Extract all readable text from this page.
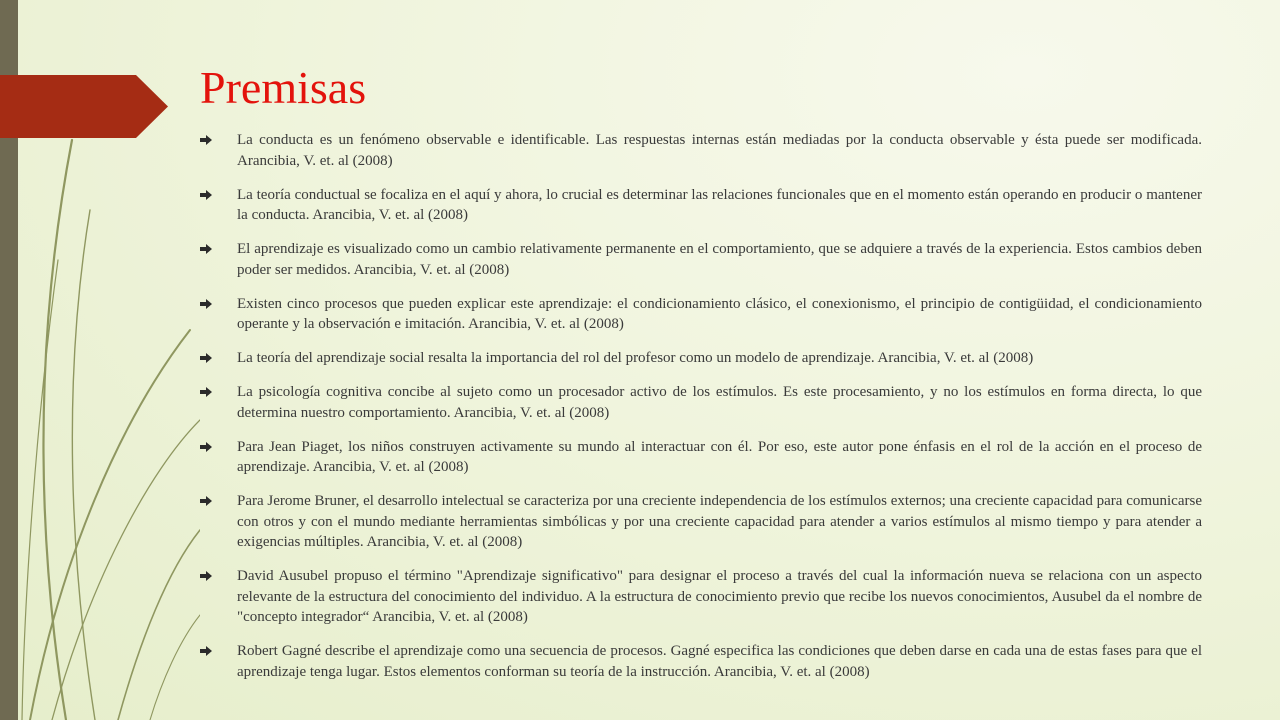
Premisas
La conducta es un fenómeno observable e identificable. Las respuestas internas están mediadas por la conducta observable y ésta puede ser modificada. Arancibia, V. et. al (2008)
La teoría conductual se focaliza en el aquí y ahora, lo crucial es determinar las relaciones funcionales que en el momento están operando en producir o mantener la conducta. Arancibia, V. et. al (2008)
El aprendizaje es visualizado como un cambio relativamente permanente en el comportamiento, que se adquiere a través de la experiencia. Estos cambios deben poder ser medidos. Arancibia, V. et. al (2008)
Existen cinco procesos que pueden explicar este aprendizaje: el condicionamiento clásico, el conexionismo, el principio de contigüidad, el condicionamiento operante y la observación e imitación. Arancibia, V. et. al (2008)
La teoría del aprendizaje social resalta la importancia del rol del profesor como un modelo de aprendizaje. Arancibia, V. et. al (2008)
La psicología cognitiva concibe al sujeto como un procesador activo de los estímulos. Es este procesamiento, y no los estímulos en forma directa, lo que determina nuestro comportamiento. Arancibia, V. et. al (2008)
Para Jean Piaget, los niños construyen activamente su mundo al interactuar con él. Por eso, este autor pone énfasis en el rol de la acción en el proceso de aprendizaje. Arancibia, V. et. al (2008)
Para Jerome Bruner, el desarrollo intelectual se caracteriza por una creciente independencia de los estímulos externos; una creciente capacidad para comunicarse con otros y con el mundo mediante herramientas simbólicas y por una creciente capacidad para atender a varios estímulos al mismo tiempo y para atender a exigencias múltiples. Arancibia, V. et. al (2008)
David Ausubel propuso el término "Aprendizaje significativo" para designar el proceso a través del cual la información nueva se relaciona con un aspecto relevante de la estructura del conocimiento del individuo. A la estructura de conocimiento previo que recibe los nuevos conocimientos, Ausubel da el nombre de "concepto integrador“ Arancibia, V. et. al (2008)
Robert Gagné describe el aprendizaje como una secuencia de procesos. Gagné especifica las condiciones que deben darse en cada una de estas fases para que el aprendizaje tenga lugar. Estos elementos conforman su teoría de la instrucción. Arancibia, V. et. al (2008)
